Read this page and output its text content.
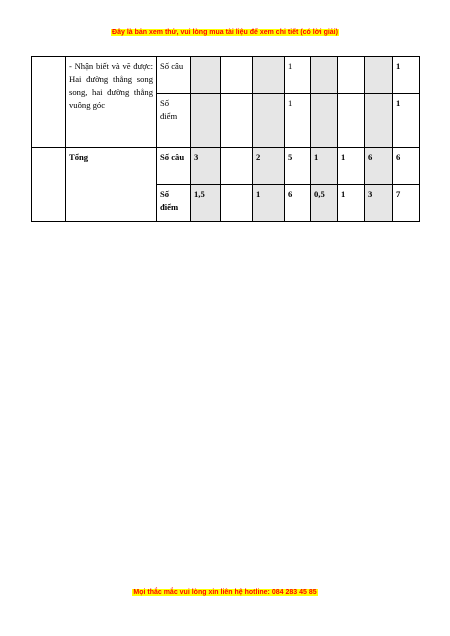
Đây là bản xem thử, vui lòng mua tài liệu để xem chi tiết (có lời giải)
	- Nhận biết và vẽ được: Hai đường thẳng song song, hai đường thẳng vuông góc	Số câu				1				1
		Số điểm				1				1
	Tổng	Số câu	3		2	5	1	1	6	6
		Số điểm	1,5		1	6	0,5	1	3	7
Mọi thắc mắc vui lòng xin liên hệ hotline: 084 283 45 85
